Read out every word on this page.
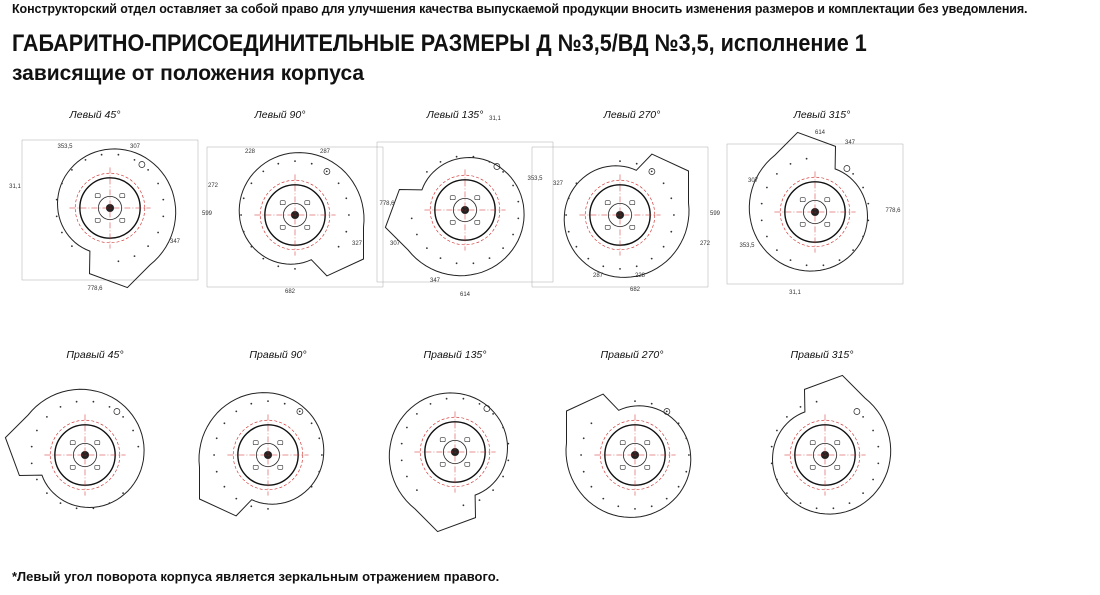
Конструкторский отдел оставляет за собой право для улучшения качества выпускаемой продукции вносить изменения размеров и комплектации без уведомления.
ГАБАРИТНО-ПРИСОЕДИНИТЕЛЬНЫЕ РАЗМЕРЫ Д №3,5/ВД №3,5, исполнение 1
зависящие от положения корпуса
Левый 45°
353,5	307
31,1
347
778,6
Левый 90°
228	287
272
599
327
682
Левый 135° 31,1
353,5
778,6
307
347
614
Левый 270°
327
599
272
287	228
682
Левый 315°
614
347
307
778,6
353,5
31,1
Правый 45°	Правый 90°	Правый 135°	Правый 270°	Правый 315°
*Левый угол поворота корпуса является зеркальным отражением правого.
